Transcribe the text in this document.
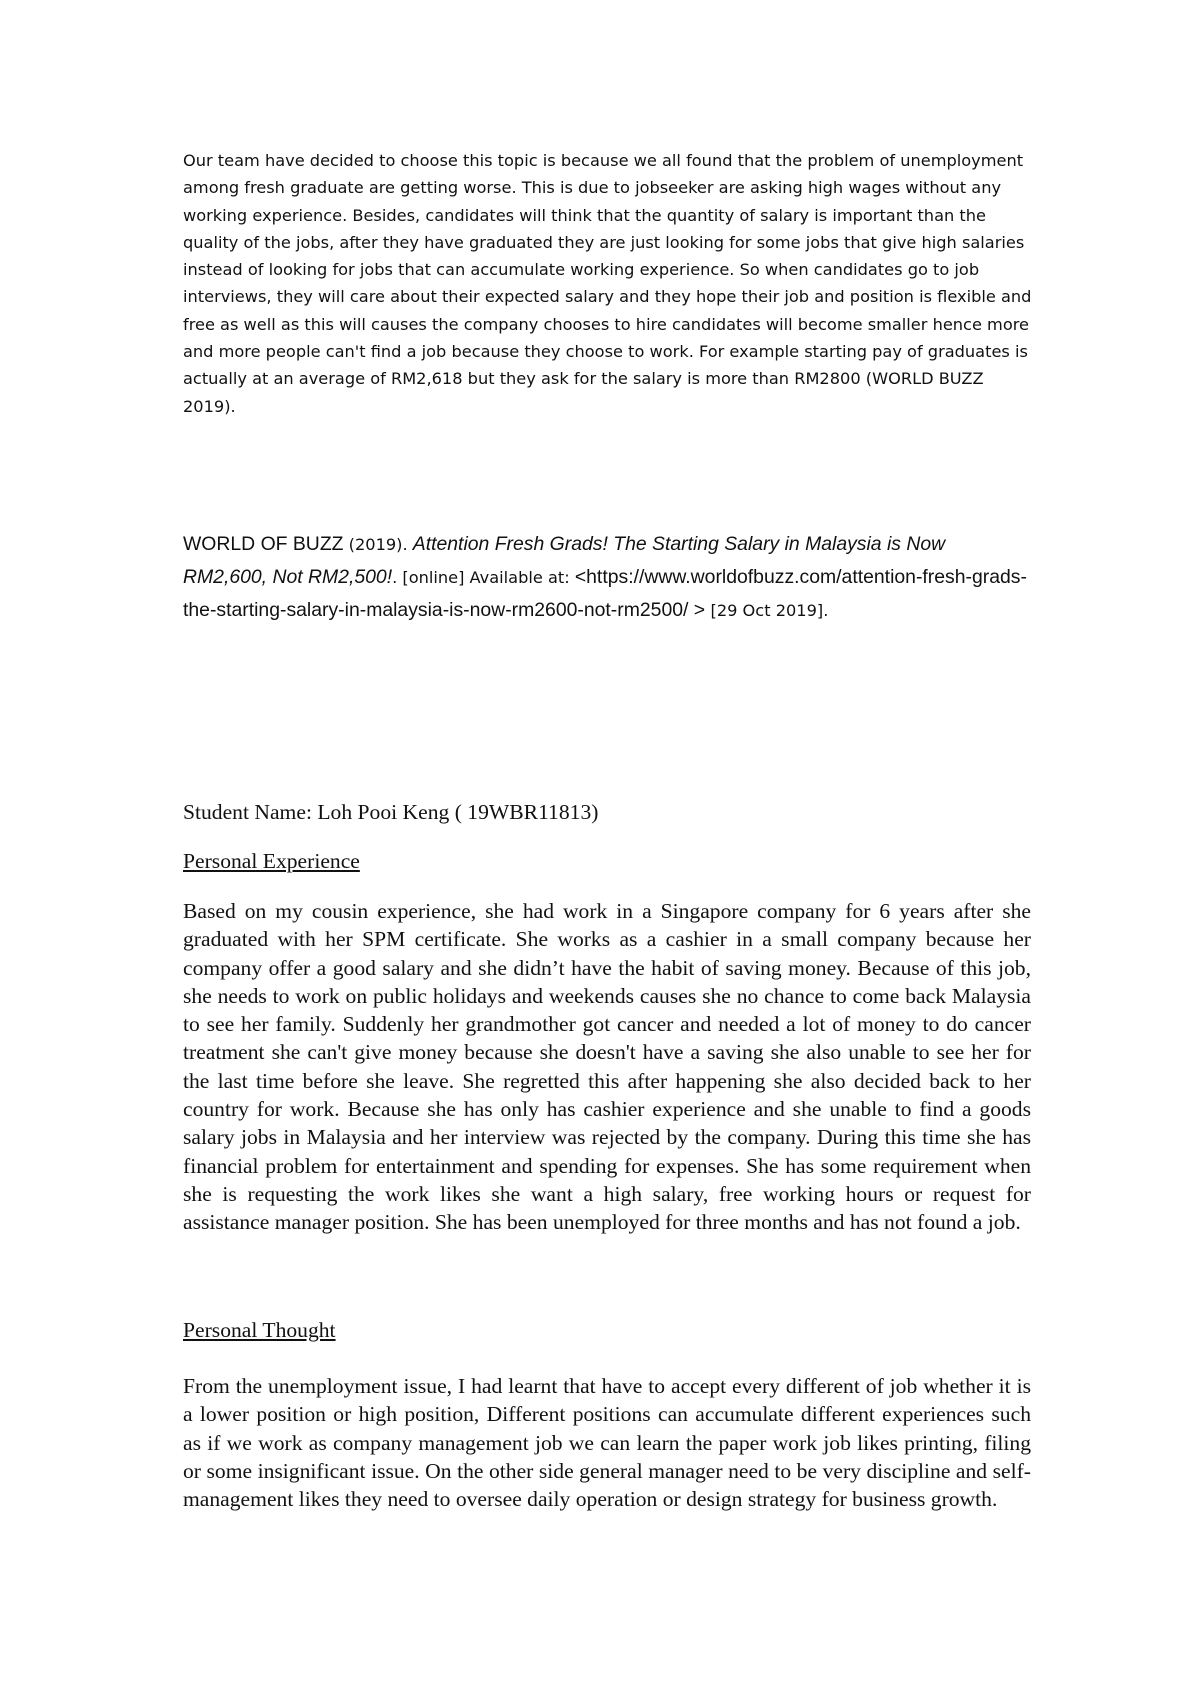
Our team have decided to choose this topic is because we all found that the problem of unemployment among fresh graduate are getting worse. This is due to jobseeker are asking high wages without any working experience. Besides, candidates will think that the quantity of salary is important than the quality of the jobs, after they have graduated they are just looking for some jobs that give high salaries instead of looking for jobs that can accumulate working experience. So when candidates go to job interviews, they will care about their expected salary and they hope their job and position is flexible and free as well as this will causes the company chooses to hire candidates will become smaller hence more and more people can't find a job because they choose to work. For example starting pay of graduates is actually at an average of RM2,618 but they ask for the salary is more than RM2800 (WORLD BUZZ 2019).

WORLD OF BUZZ (2019). Attention Fresh Grads! The Starting Salary in Malaysia is Now RM2,600, Not RM2,500!. [online] Available at: <https://www.worldofbuzz.com/attention-fresh-grads-the-starting-salary-in-malaysia-is-now-rm2600-not-rm2500/ > [29 Oct 2019].

Student Name: Loh Pooi Keng ( 19WBR11813)

Personal Experience

Based on my cousin experience, she had work in a Singapore company for 6 years after she graduated with her SPM certificate. She works as a cashier in a small company because her company offer a good salary and she didn’t have the habit of saving money. Because of this job, she needs to work on public holidays and weekends causes she no chance to come back Malaysia to see her family. Suddenly her grandmother got cancer and needed a lot of money to do cancer treatment she can't give money because she doesn't have a saving she also unable to see her for the last time before she leave. She regretted this after happening she also decided back to her country for work. Because she has only has cashier experience and she unable to find a goods salary jobs in Malaysia and her interview was rejected by the company. During this time she has financial problem for entertainment and spending for expenses. She has some requirement when she is requesting the work likes she want a high salary, free working hours or request for assistance manager position. She has been unemployed for three months and has not found a job.

Personal Thought

From the unemployment issue, I had learnt that have to accept every different of job whether it is a lower position or high position, Different positions can accumulate different experiences such as if we work as company management job we can learn the paper work job likes printing, filing or some insignificant issue. On the other side general manager need to be very discipline and self-management likes they need to oversee daily operation or design strategy for business growth.
